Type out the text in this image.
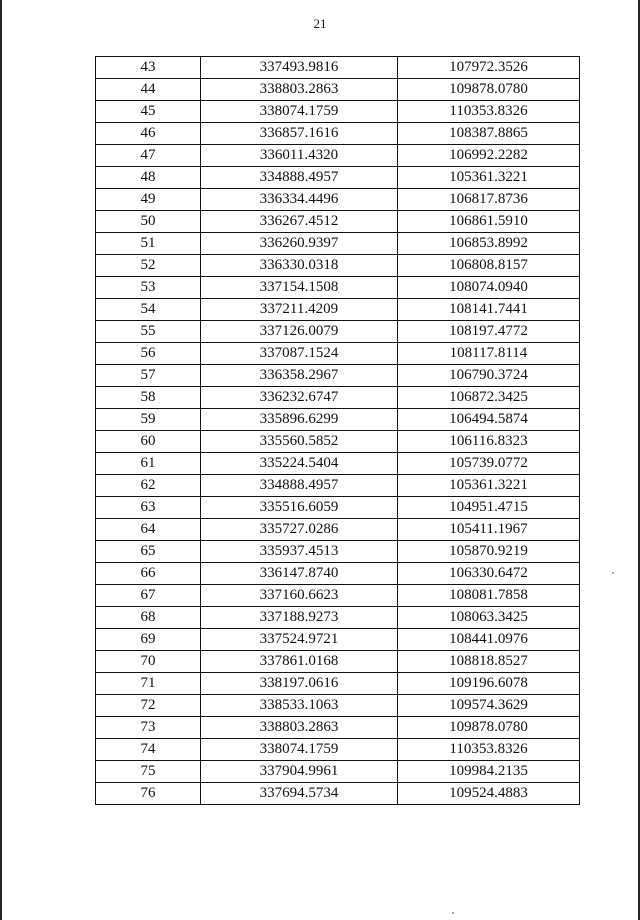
21
43	337493.9816	107972.3526
44	338803.2863	109878.0780
45	338074.1759	110353.8326
46	336857.1616	108387.8865
47	336011.4320	106992.2282
48	334888.4957	105361.3221
49	336334.4496	106817.8736
50	336267.4512	106861.5910
51	336260.9397	106853.8992
52	336330.0318	106808.8157
53	337154.1508	108074.0940
54	337211.4209	108141.7441
55	337126.0079	108197.4772
56	337087.1524	108117.8114
57	336358.2967	106790.3724
58	336232.6747	106872.3425
59	335896.6299	106494.5874
60	335560.5852	106116.8323
61	335224.5404	105739.0772
62	334888.4957	105361.3221
63	335516.6059	104951.4715
64	335727.0286	105411.1967
65	335937.4513	105870.9219
66	336147.8740	106330.6472
67	337160.6623	108081.7858
68	337188.9273	108063.3425
69	337524.9721	108441.0976
70	337861.0168	108818.8527
71	338197.0616	109196.6078
72	338533.1063	109574.3629
73	338803.2863	109878.0780
74	338074.1759	110353.8326
75	337904.9961	109984.2135
76	337694.5734	109524.4883
